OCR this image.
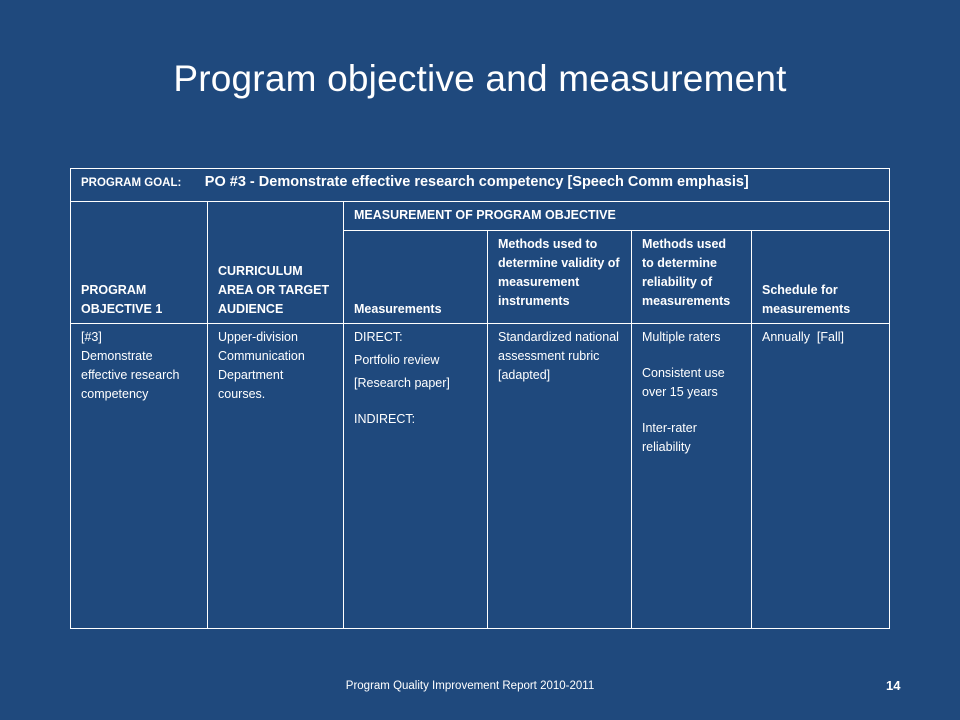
Program objective and measurement
PROGRAM GOAL: PO #3 - Demonstrate effective research competency [Speech Comm emphasis]					
PROGRAM OBJECTIVE 1	CURRICULUM AREA OR TARGET AUDIENCE	MEASUREMENT OF PROGRAM OBJECTIVE			
		Measurements	Methods used to determine validity of measurement instruments	Methods used to determine reliability of measurements	Schedule for measurements

[#3]
Demonstrate effective research competency	Upper-division Communication Department courses.	DIRECT:
Portfolio review
[Research paper]
INDIRECT:	Standardized national assessment rubric [adapted]	Multiple raters
Consistent use over 15 years
Inter-rater reliability	Annually  [Fall]
Program Quality Improvement Report 2010-2011	14
